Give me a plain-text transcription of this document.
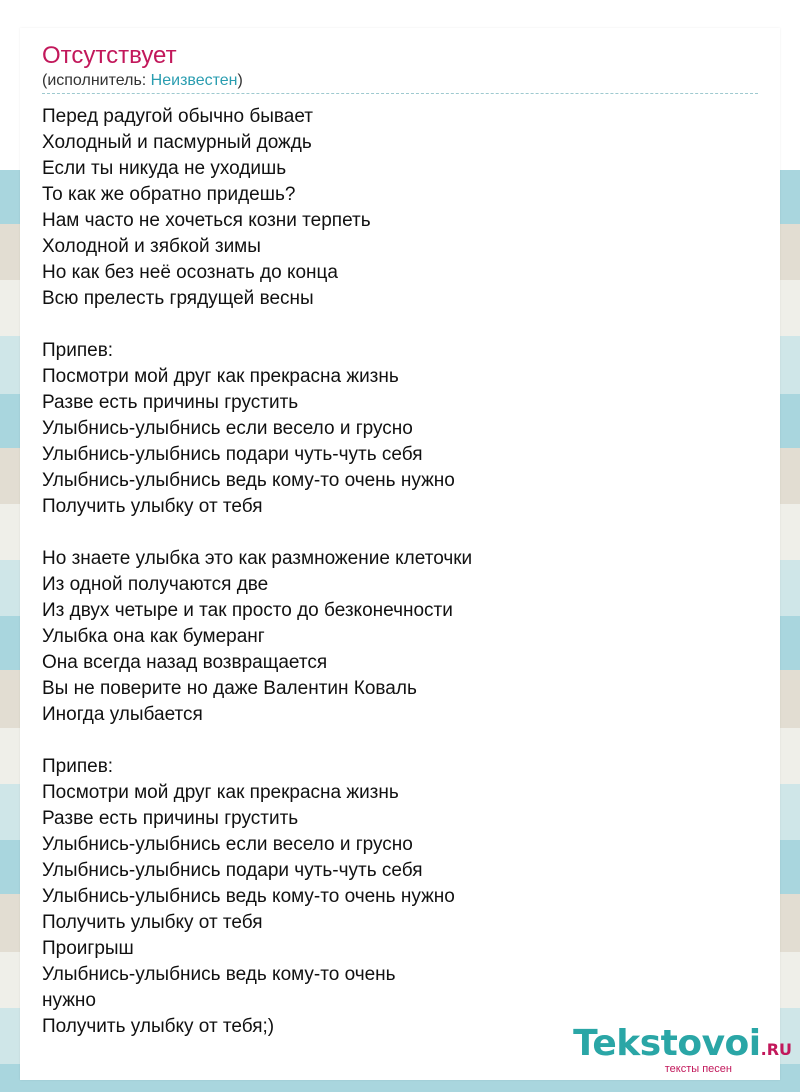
Отсутствует
(исполнитель: Неизвестен)
Перед радугой обычно бывает
Холодный и пасмурный дождь
Если ты никуда не уходишь
То как же обратно придешь?
Нам часто не хочеться козни терпеть
Холодной и зябкой зимы
Но как без неё осознать до конца
Всю прелесть грядущей весны
Припев:
Посмотри мой друг как прекрасна жизнь
Разве есть причины грустить
Улыбнись-улыбнись если весело и грусно
Улыбнись-улыбнись подари чуть-чуть себя
Улыбнись-улыбнись ведь кому-то очень нужно
Получить улыбку от тебя
Но знаете улыбка это как размножение клеточки
Из одной получаются две
Из двух четыре и так просто до безконечности
Улыбка она как бумеранг
Она всегда назад возвращается
Вы не поверите но даже Валентин Коваль
Иногда улыбается
Припев:
Посмотри мой друг как прекрасна жизнь
Разве есть причины грустить
Улыбнись-улыбнись если весело и грусно
Улыбнись-улыбнись подари чуть-чуть себя
Улыбнись-улыбнись ведь кому-то очень нужно
Получить улыбку от тебя
Проигрыш
Улыбнись-улыбнись ведь кому-то очень
нужно
Получить улыбку от тебя;)	Tekstovoi.RU
тексты песен
